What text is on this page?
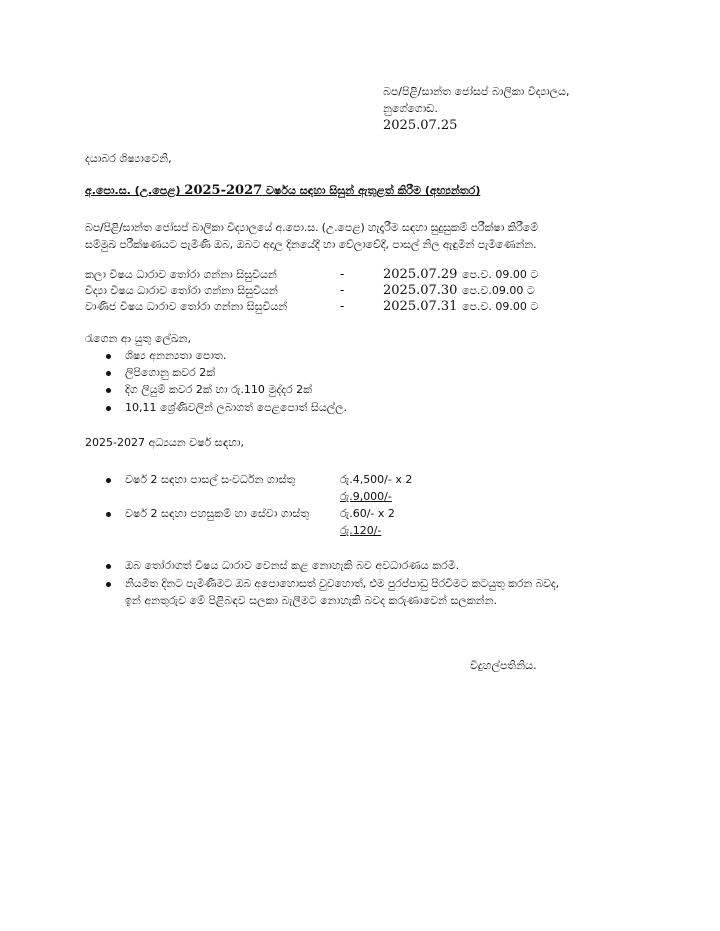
බප/පිළි/සාන්ත ජෝසප් බාලිකා විද්‍යාලය,
නුගේගොඩ.
2025.07.25
දයාබර ශිෂ්‍යාවෙනි,
අ.පො.ස. (උ.පෙළ) 2025-2027 වර්ෂය සඳහා සිසුන් ඇතුළත් කිරීම (අභ්‍යන්තර)
බප/පිළි/සාන්ත ජෝසප් බාලිකා විද්‍යාලයේ අ.පො.ස. (උ.පෙළ) හැදෑරීම සඳහා සුදුසුකම් පරීක්ෂා කිරීමේ
සම්මුඛ පරීක්ෂණයට පැමිණි ඔබ, ඔබට අදාල දිනයේදී හා වේලාවේදී, පාසල් නිල ඇඳුමින් පැමිණෙන්න.
කලා විෂය ධාරාව තෝරා ගන්නා සිසුවියන්	-	2025.07.29 පෙ.ව. 09.00 ට
විද්‍යා විෂය ධාරාව තෝරා ගන්නා සිසුවියන්	-	2025.07.30 පෙ.ව.09.00 ට
වාණිජ විෂය ධාරාව තෝරා ගන්නා සිසුවියන්	-	2025.07.31 පෙ.ව. 09.00 ට
රැගෙන ආ යුතු ලේඛන,
ශිෂ්‍ය අනන්‍යතා පොත.
ලිපිගොනු කවර 2ක්
දිග ලියුම් කවර 2ක් හා රු.110 මුද්දර 2ක්
10,11 ශ්‍රේණිවලින් ලබාගත් පෙළපොත් සියල්ල.
2025-2027 අධ්‍යයන වර්ෂ සඳහා,
වර්ෂ 2 සඳහා පාසල් සංවර්ධන ගාස්තු	රු.4,500/- x 2
රු.9,000/-
වර්ෂ 2 සඳහා පහසුකම් හා සේවා ගාස්තු	රු.60/- x 2
රු.120/-
ඔබ තෝරාගත් විෂය ධාරාව වෙනස් කළ නොහැකි බව අවධාරණය කරමි.
නියමිත දිනට පැමිණීමට ඔබ අපොහොසත් වුවහොත්, එම පුරප්පාඩු පිරවීමට කටයුතු කරන බවද,
ඉන් අනතුරුව මේ පිළිබඳව සලකා බැලීමට නොහැකි බවද කරුණාවෙන් සලකන්න.
විදුහල්පතිනිය.
